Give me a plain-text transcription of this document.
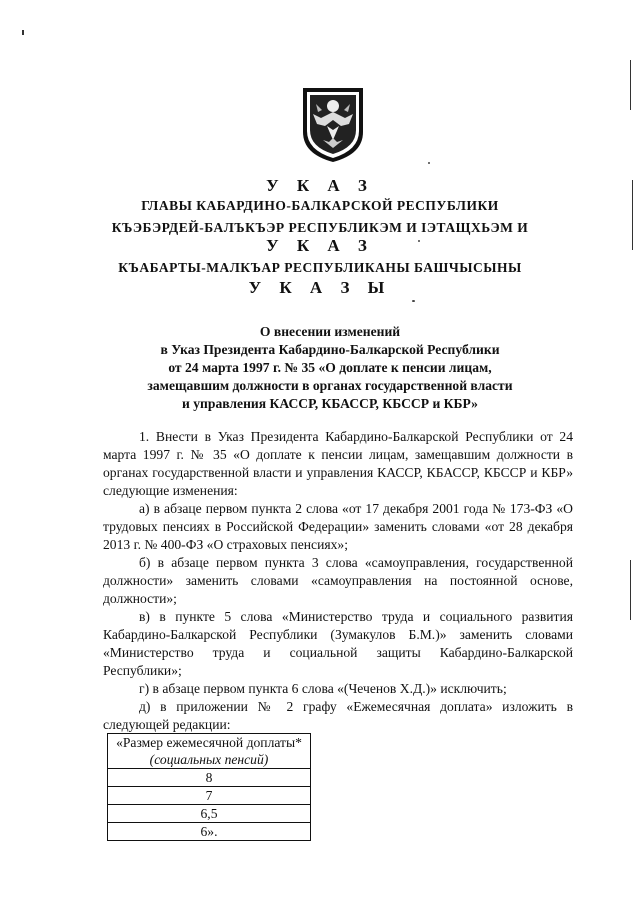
У К А З
ГЛАВЫ КАБАРДИНО-БАЛКАРСКОЙ РЕСПУБЛИКИ
КЪЭБЭРДЕЙ-БАЛЪКЪЭР РЕСПУБЛИКЭМ И IЭТАЩХЬЭМ И
У К А З
КЪАБАРТЫ-МАЛКЪАР РЕСПУБЛИКАНЫ БАШЧЫСЫНЫ
У К А З Ы
О внесении изменений
в Указ Президента Кабардино-Балкарской Республики
от 24 марта 1997 г. № 35 «О доплате к пенсии лицам,
замещавшим должности в органах государственной власти
и управления КАССР, КБАССР, КБССР и КБР»

1. Внести в Указ Президента Кабардино-Балкарской Республики от 24 марта 1997 г. № 35 «О доплате к пенсии лицам, замещавшим должности в органах государственной власти и управления КАССР, КБАССР, КБССР и КБР» следующие изменения:

а) в абзаце первом пункта 2 слова «от 17 декабря 2001 года № 173-ФЗ «О трудовых пенсиях в Российской Федерации» заменить словами «от 28 декабря 2013 г. № 400-ФЗ «О страховых пенсиях»;

б) в абзаце первом пункта 3 слова «самоуправления, государственной должности» заменить словами «самоуправления на постоянной основе, должности»;

в) в пункте 5 слова «Министерство труда и социального развития Кабардино-Балкарской Республики (Зумакулов Б.М.)» заменить словами «Министерство труда и социальной защиты Кабардино-Балкарской Республики»;

г) в абзаце первом пункта 6 слова «(Чеченов Х.Д.)» исключить;

д) в приложении № 2 графу «Ежемесячная доплата» изложить в следующей редакции:

«Размер ежемесячной доплаты*
(социальных пенсий)

8
7
6,5
6».
